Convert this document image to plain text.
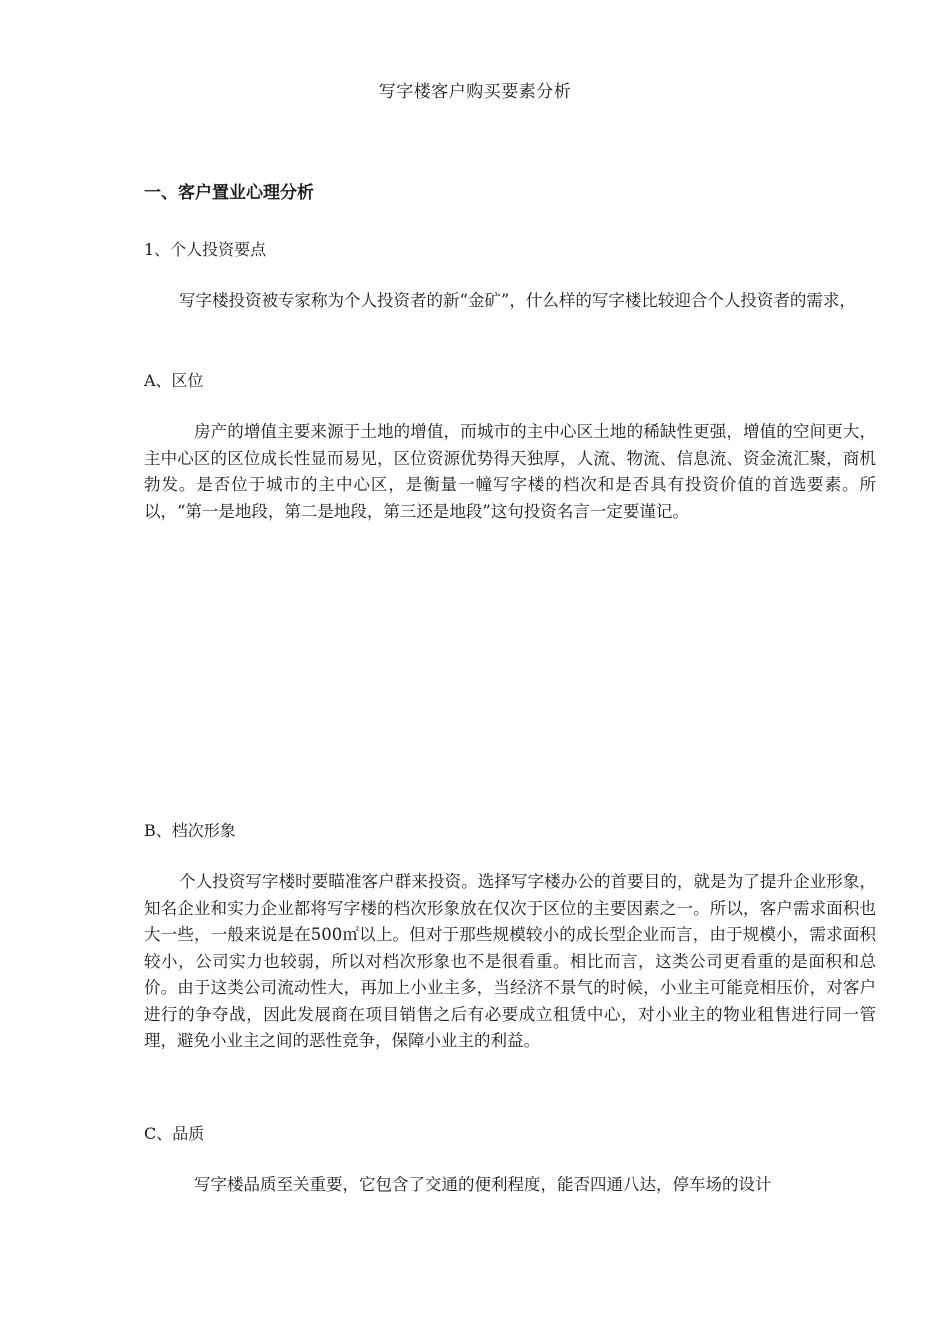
写字楼客户购买要素分析
一、客户置业心理分析
1、个人投资要点

写字楼投资被专家称为个人投资者的新“金矿”，什么样的写字楼比较迎合个人投资者的需求，

A、区位

房产的增值主要来源于土地的增值，而城市的主中心区土地的稀缺性更强，增值的空间更大，主中心区的区位成长性显而易见，区位资源优势得天独厚，人流、物流、信息流、资金流汇聚，商机勃发。是否位于城市的主中心区，是衡量一幢写字楼的档次和是否具有投资价值的首选要素。所以，“第一是地段，第二是地段，第三还是地段”这句投资名言一定要谨记。

B、档次形象

个人投资写字楼时要瞄准客户群来投资。选择写字楼办公的首要目的，就是为了提升企业形象，知名企业和实力企业都将写字楼的档次形象放在仅次于区位的主要因素之一。所以，客户需求面积也大一些，一般来说是在500㎡以上。但对于那些规模较小的成长型企业而言，由于规模小，需求面积较小，公司实力也较弱，所以对档次形象也不是很看重。相比而言，这类公司更看重的是面积和总价。由于这类公司流动性大，再加上小业主多，当经济不景气的时候，小业主可能竞相压价，对客户进行的争夺战，因此发展商在项目销售之后有必要成立租赁中心，对小业主的物业租售进行同一管理，避免小业主之间的恶性竞争，保障小业主的利益。

C、品质

写字楼品质至关重要，它包含了交通的便利程度，能否四通八达，停车场的设计
